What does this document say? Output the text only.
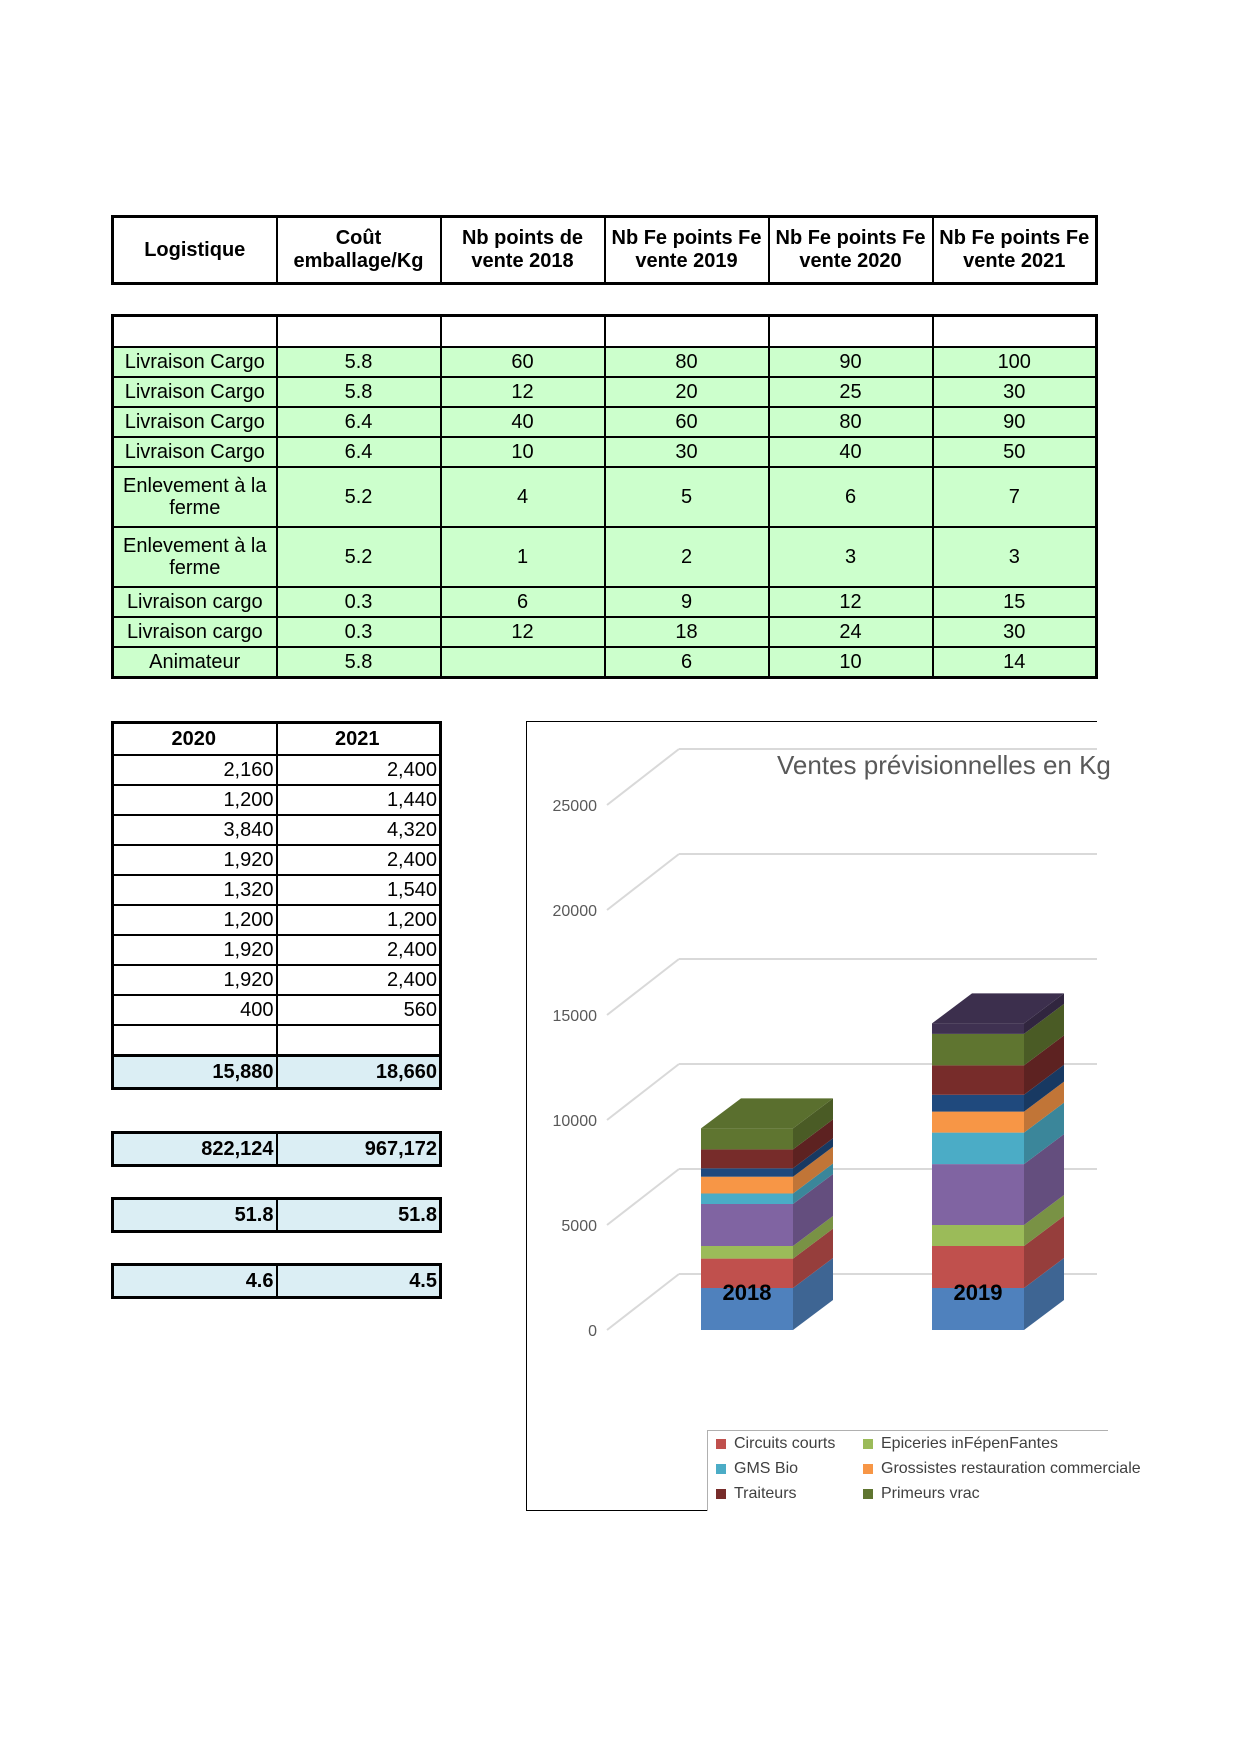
Logistique	Coût emballage/Kg	Nb points de vente 2018	Nb Fe points Fe vente 2019	Nb Fe points Fe vente 2020	Nb Fe points Fe vente 2021

Livraison Cargo	5.8	60	80	90	100
Livraison Cargo	5.8	12	20	25	30
Livraison Cargo	6.4	40	60	80	90
Livraison Cargo	6.4	10	30	40	50
Enlevement à la ferme	5.2	4	5	6	7
Enlevement à la ferme	5.2	1	2	3	3
Livraison cargo	0.3	6	9	12	15
Livraison cargo	0.3	12	18	24	30
Animateur	5.8		6	10	14
2020	2021
2,160	2,400
1,200	1,440
3,840	4,320
1,920	2,400
1,320	1,540
1,200	1,200
1,920	2,400
1,920	2,400
400	560

15,880	18,660
822,124	967,172
51.8	51.8
4.6	4.5
Ventes prévisionnelles en Kg
0
5000
10000
15000
20000
25000
2018	2019
Circuits courts	Epiceries inFépenFantes
GMS Bio	Grossistes restauration commerciale
Traiteurs	Primeurs vrac
